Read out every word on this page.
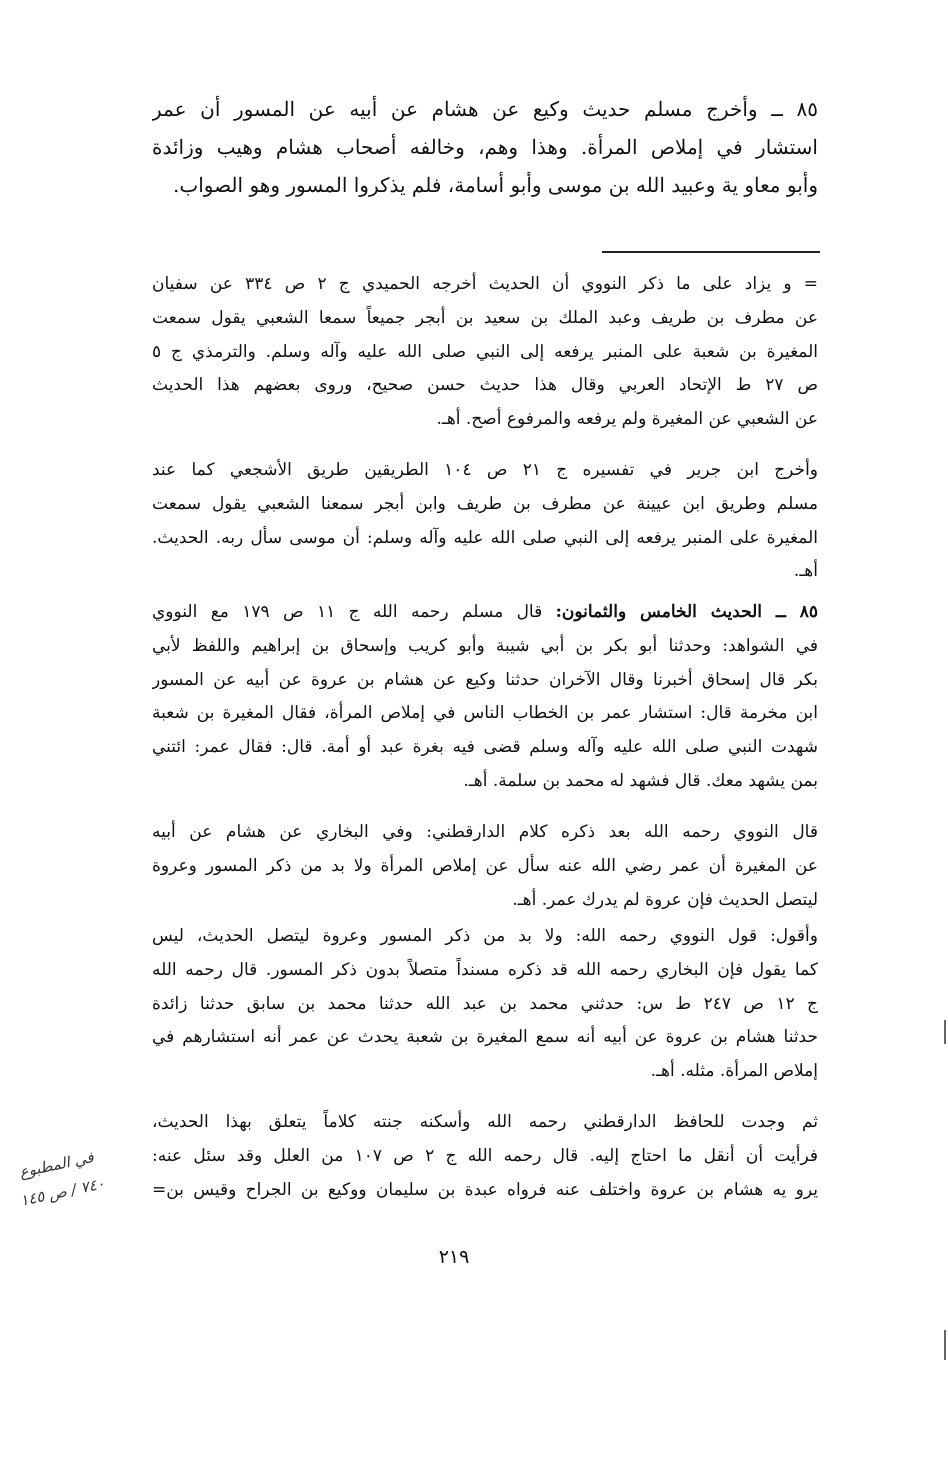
٨٥ ــ وأخرج مسلم حديث وكيع عن هشام عن أبيه عن المسور أن عمر
استشار في إملاص المرأة. وهذا وهم، وخالفه أصحاب هشام وهيب وزائدة
وأبو معاو ية وعبيد الله بن موسى وأبو أسامة، فلم يذكروا المسور وهو الصواب.
= و يزاد على ما ذكر النووي أن الحديث أخرجه الحميدي ج ٢ ص ٣٣٤ عن سفيان
عن مطرف بن طريف وعبد الملك بن سعيد بن أبجر جميعاً سمعا الشعبي يقول سمعت
المغيرة بن شعبة على المنبر يرفعه إلى النبي صلى الله عليه وآله وسلم. والترمذي ج ٥
ص ٢٧ ط الإتحاد العربي وقال هذا حديث حسن صحيح، وروى بعضهم هذا الحديث
عن الشعبي عن المغيرة ولم يرفعه والمرفوع أصح. أهـ.
وأخرج ابن جرير في تفسيره ج ٢١ ص ١٠٤ الطريقين طريق الأشجعي كما عند
مسلم وطريق ابن عيينة عن مطرف بن طريف وابن أبجر سمعنا الشعبي يقول سمعت
المغيرة على المنبر يرفعه إلى النبي صلى الله عليه وآله وسلم: أن موسى سأل ربه. الحديث.
أهـ.
٨٥ ــ الحديث الخامس والثمانون: قال مسلم رحمه الله ج ١١ ص ١٧٩ مع النووي
في الشواهد: وحدثنا أبو بكر بن أبي شيبة وأبو كريب وإسحاق بن إبراهيم واللفظ لأبي
بكر قال إسحاق أخبرنا وقال الآخران حدثنا وكيع عن هشام بن عروة عن أبيه عن المسور
ابن مخرمة قال: استشار عمر بن الخطاب الناس في إملاص المرأة، فقال المغيرة بن شعبة
شهدت النبي صلى الله عليه وآله وسلم قضى فيه بغرة عبد أو أمة. قال: فقال عمر: ائتني
بمن يشهد معك. قال فشهد له محمد بن سلمة. أهـ.
قال النووي رحمه الله بعد ذكره كلام الدارقطني: وفي البخاري عن هشام عن أبيه
عن المغيرة أن عمر رضي الله عنه سأل عن إملاص المرأة ولا بد من ذكر المسور وعروة
ليتصل الحديث فإن عروة لم يدرك عمر. أهـ.
وأقول: قول النووي رحمه الله: ولا بد من ذكر المسور وعروة ليتصل الحديث، ليس
كما يقول فإن البخاري رحمه الله قد ذكره مسنداً متصلاً بدون ذكر المسور. قال رحمه الله
ج ١٢ ص ٢٤٧ ط س: حدثني محمد بن عبد الله حدثنا محمد بن سابق حدثنا زائدة
حدثنا هشام بن عروة عن أبيه أنه سمع المغيرة بن شعبة يحدث عن عمر أنه استشارهم في
إملاص المرأة. مثله. أهـ.
ثم وجدت للحافظ الدارقطني رحمه الله وأسكنه جنته كلاماً يتعلق بهذا الحديث،
فرأيت أن أنقل ما احتاج إليه. قال رحمه الله ج ٢ ص ١٠٧ من العلل وقد سئل عنه:
يرو يه هشام بن عروة واختلف عنه فرواه عبدة بن سليمان ووكيع بن الجراح وقيس بن=
٢١٩
في المطبوع
٧٤٠ / ص ١٤٥
